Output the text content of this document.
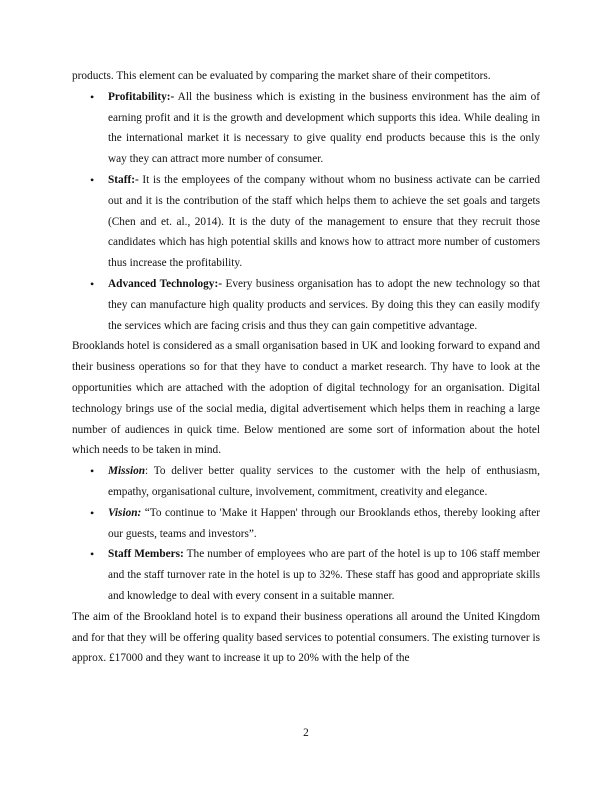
products. This element can be evaluated by comparing the market share of their competitors.

• Profitability:- All the business which is existing in the business environment has the aim of earning profit and it is the growth and development which supports this idea. While dealing in the international market it is necessary to give quality end products because this is the only way they can attract more number of consumer.
• Staff:- It is the employees of the company without whom no business activate can be carried out and it is the contribution of the staff which helps them to achieve the set goals and targets (Chen and et. al., 2014). It is the duty of the management to ensure that they recruit those candidates which has high potential skills and knows how to attract more number of customers thus increase the profitability.
• Advanced Technology:- Every business organisation has to adopt the new technology so that they can manufacture high quality products and services. By doing this they can easily modify the services which are facing crisis and thus they can gain competitive advantage.

Brooklands hotel is considered as a small organisation based in UK and looking forward to expand and their business operations so for that they have to conduct a market research. Thy have to look at the opportunities which are attached with the adoption of digital technology for an organisation. Digital technology brings use of the social media, digital advertisement which helps them in reaching a large number of audiences in quick time. Below mentioned are some sort of information about the hotel which needs to be taken in mind.

• Mission: To deliver better quality services to the customer with the help of enthusiasm, empathy, organisational culture, involvement, commitment, creativity and elegance.
• Vision: “To continue to 'Make it Happen' through our Brooklands ethos, thereby looking after our guests, teams and investors”.
• Staff Members: The number of employees who are part of the hotel is up to 106 staff member and the staff turnover rate in the hotel is up to 32%. These staff has good and appropriate skills and knowledge to deal with every consent in a suitable manner.

The aim of the Brookland hotel is to expand their business operations all around the United Kingdom and for that they will be offering quality based services to potential consumers. The existing turnover is approx. £17000 and they want to increase it up to 20% with the help of the

2
